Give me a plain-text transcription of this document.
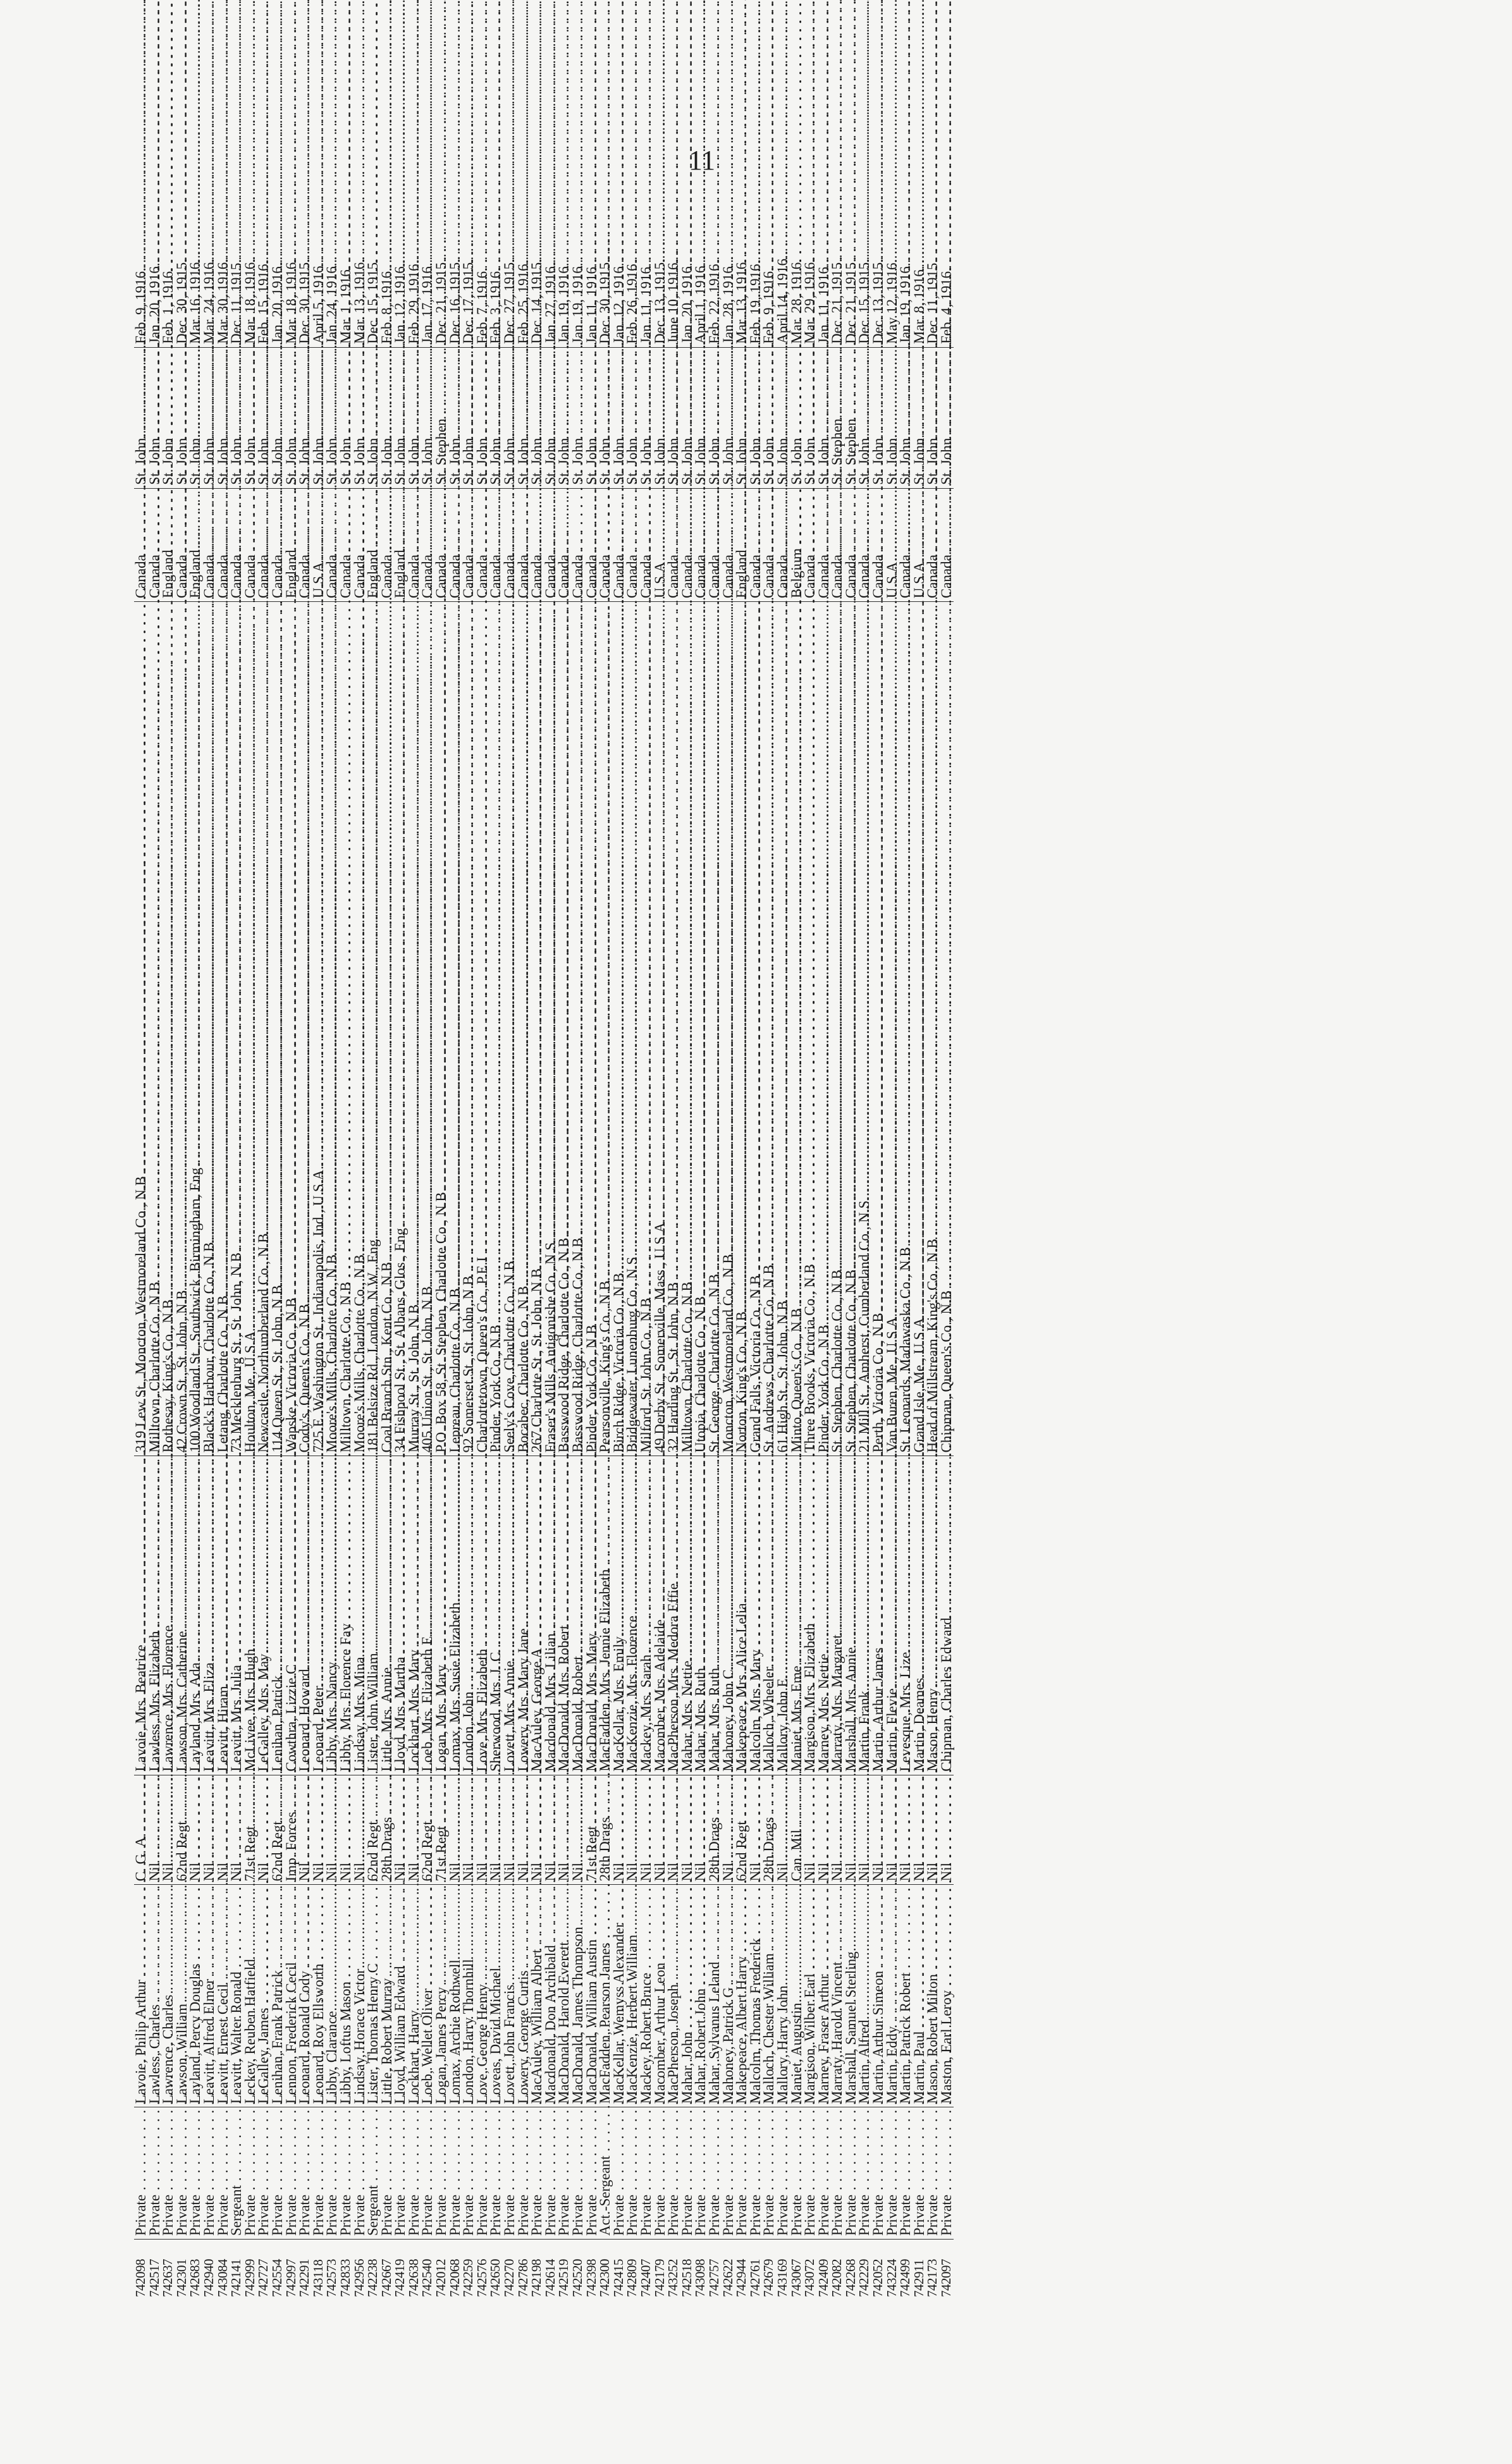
11
742098	Private . . .	Lavoie, Philip Arthur . . .	C. G. A. . . .	Lavoie, Mrs. Beatrice . . .	319 Lew St., Moncton, Westmoreland Co., N.B . . .	Canada . . .	St. John . . .	Feb. 9, 1916.
742517	Private . . .	Lawless, Charles . . .	Nil . . .	Lawless, Mrs. Elizabeth . . .	Milltown, Charlotte Co., N.B . . .	Canada . . .	St. John . . .	Jan. 20, 1916.
742637	Private . . .	Lawrence, Charles . . .	Nil . . .	Lawrence, Mrs. Florence . . .	Rothesay, King's Co., N.B . . .	England . . .	St. John . . .	Feb. 1, 1916.
742301	Private . . .	Lawson, William . . .	62nd Regt . . .	Lawson, Mrs. Catherine . . .	42 Crown St., St. John, N.B . . .	Canada . . .	St. John . . .	Dec. 30, 1915.
742683	Private . . .	Layland, Percy Douglas . . .	Nil . . .	Layland, Mrs. Ada . . .	100 Woodland St., Southwick, Birmingham, Eng . . .	England . . .	St. John . . .	Mar. 16, 1916.
742940	Private . . .	Leavitt, Alfred Elmer . . .	Nil . . .	Leavitt, Mrs. Eliza . . .	Black's Harbour, Charlotte Co., N.B . . .	Canada . . .	St. John . . .	Mar. 24, 1916.
743084	Private . . .	Leavitt, Ernest Cecil . . .	Nil . . .	Leavitt, Hiram . . .	Letang, Charlotte Co., N.B . . .	Canada . . .	St. John . . .	Mar. 30, 1916.
742141	Sergeant . . .	Leavitt, Walter Ronald . . .	Nil . . .	Leavitt, Mrs. Julia . . .	73 Mecklenburg St., St. John, N.B . . .	Canada . . .	St. John . . .	Dec. 11, 1915.
742999	Private . . .	Leckey, Reuben Hatfield . . .	71st Regt . . .	McLivee, Mrs. Hugh . . .	Houlton, Me., U.S.A . . .	Canada . . .	St. John . . .	Mar. 18, 1916.
742727	Private . . .	LeGalley, James . . .	Nil . . .	LeGalley, Mrs. May . . .	Newcastle, Northumberland Co., N.B . . .	Canada . . .	St. John . . .	Feb. 15, 1916.
742554	Private . . .	Lenihan, Frank Patrick . . .	62nd Regt . . .	Lenihan, Patrick . . .	114 Queen St., St. John, N.B . . .	Canada . . .	St. John . . .	Jan. 20, 1916.
742997	Private . . .	Lennon, Frederick Cecil . . .	Imp. Forces . . .	Cowthra, Lizzie C . . .	Wapske, Victoria Co., N.B . . .	England . . .	St. John . . .	Mar. 18, 1916.
742291	Private . . .	Leonard, Ronald Cody . . .	Nil . . .	Leonard, Howard . . .	Cody's, Queen's Co., N.B . . .	Canada . . .	St. John . . .	Dec. 30, 1915.
743118	Private . . .	Leonard, Roy Ellsworth . . .	Nil . . .	Leonard, Peter . . .	725 E. Washington St., Indianapolis, Ind., U.S.A . . .	U.S.A . . .	St. John . . .	April 5, 1916.
742573	Private . . .	Libby, Clarance . . .	Nil . . .	Libby, Mrs. Nancy . . .	Moore's Mills, Charlotte Co., N.B . . .	Canada . . .	St. John . . .	Jan. 24, 1916.
742833	Private . . .	Libby, Loftus Mason . . .	Nil . . .	Libby, Mrs. Florence Fay . . .	Milltown, Charlotte Co., N.B . . .	Canada . . .	St. John . . .	Mar. 1, 1916.
742956	Private . . .	Lindsay, Horace Victor . . .	Nil . . .	Lindsay, Mrs. Mina . . .	Moore's Mills, Charlotte Co., N.B . . .	Canada . . .	St. John . . .	Mar. 13, 1916.
742238	Sergeant . . .	Lister, Thomas Henry C . . .	62nd Regt . . .	Lister, John William . . .	181 Belsize Rd., London, N.W., Eng . . .	England . . .	St. John . . .	Dec. 15, 1915.
742667	Private . . .	Little, Robert Murray . . .	28th Drags . . .	Little, Mrs. Annie . . .	Coal Branch Stn., Kent Co., N.B . . .	Canada . . .	St. John . . .	Feb. 8, 1916.
742419	Private . . .	Lloyd, William Edward . . .	Nil . . .	Lloyd, Mrs. Martha . . .	34 Fishpool St., St. Albans, Glos., Eng . . .	England . . .	St. John . . .	Jan. 12, 1916.
742638	Private . . .	Lockhart, Harry . . .	Nil . . .	Lockhart, Mrs. Mary . . .	Murray St., St. John, N.B . . .	Canada . . .	St. John . . .	Feb. 29, 1916.
742540	Private . . .	Loeb, Wellet Oliver . . .	62nd Regt . . .	Loeb, Mrs. Elizabeth E . . .	405 Union St., St. John, N.B . . .	Canada . . .	St. John . . .	Jan. 17, 1916.
742012	Private . . .	Logan, James Percy . . .	71st Regt . . .	Logan, Mrs. Mary . . .	P.O. Box 58, St. Stephen, Charlotte Co., N.B . . .	Canada . . .	St. Stephen . . .	Dec. 21, 1915.
742068	Private . . .	Lomax, Archie Rothwell . . .	Nil . . .	Lomax, Mrs. Susie Elizabeth . . .	Lepreau, Charlotte Co., N.B . . .	Canada . . .	St. John . . .	Dec. 16, 1915.
742259	Private . . .	London, Harry Thornhill . . .	Nil . . .	London, John . . .	92 Somerset St., St. John, N.B . . .	Canada . . .	St. John . . .	Dec. 17, 1915.
742576	Private . . .	Love, George Henry . . .	Nil . . .	Love, Mrs. Elizabeth . . .	Charlottetown, Queen's Co., P.E.I . . .	Canada . . .	St. John . . .	Feb. 7, 1916.
742650	Private . . .	Loveas, David Michael . . .	Nil . . .	Sherwood, Mrs. J. C . . .	Pinder, York Co., N.B . . .	Canada . . .	St. John . . .	Feb. 3, 1916.
742270	Private . . .	Lovett, John Francis . . .	Nil . . .	Lovett, Mrs. Annie . . .	Seely's Cove, Charlotte Co., N.B . . .	Canada . . .	St. John . . .	Dec. 27, 1915.
742786	Private . . .	Lowery, George Curtis . . .	Nil . . .	Lowery, Mrs. Mary Jane . . .	Bocabec, Charlotte Co., N.B . . .	Canada . . .	St. John . . .	Feb. 25, 1916.
742198	Private . . .	MacAuley, William Albert . . .	Nil . . .	MacAuley, George A . . .	267 Charlotte St., St. John, N.B . . .	Canada . . .	St. John . . .	Dec. 14, 1915.
742614	Private . . .	Macdonald, Don Archibald . . .	Nil . . .	Macdonald, Mrs. Lilian . . .	Fraser's Mills, Antigonishe Co., N.S . . .	Canada . . .	St. John . . .	Jan. 27, 1916.
742519	Private . . .	MacDonald, Harold Everett . . .	Nil . . .	MacDonald, Mrs. Robert . . .	Basswood Ridge, Charlotte Co., N.B . . .	Canada . . .	St. John . . .	Jan. 19, 1916.
742520	Private . . .	MacDonald, James Thompson . . .	Nil . . .	MacDonald, Robert . . .	Basswood Ridge, Charlotte Co., N.B . . .	Canada . . .	St. John . . .	Jan. 19, 1916.
742398	Private . . .	MacDonald, William Austin . . .	71st Regt . . .	MacDonald, Mrs. Mary . . .	Pinder, York Co., N.B . . .	Canada . . .	St. John . . .	Jan. 11, 1916.
742300	Act.-Sergeant . . .	MacFadden, Pearson James . . .	28th Drags . . .	MacFadden, Mrs. Jennie Elizabeth . . .	Pearsonville, King's Co., N.B . . .	Canada . . .	St. John . . .	Dec. 30, 1915.
742415	Private . . .	MacKellar, Wemyss Alexander . . .	Nil . . .	MacKellar, Mrs. Emily . . .	Birch Ridge, Victoria Co., N.B . . .	Canada . . .	St. John . . .	Jan. 12, 1916.
742809	Private . . .	MacKenzie, Herbert William . . .	Nil . . .	MacKenzie, Mrs. Florence . . .	Bridgewater, Lunenburg Co., N.S . . .	Canada . . .	St. John . . .	Feb. 26, 1916.
742407	Private . . .	Mackey, Robert Bruce . . .	Nil . . .	Mackey, Mrs. Sarah . . .	Milford, St. John Co., N.B . . .	Canada . . .	St. John . . .	Jan. 11, 1916.
742179	Private . . .	Macomber, Arthur Leon . . .	Nil . . .	Macomber, Mrs. Adelaide . . .	49 Derby St., Somerville, Mass., U.S.A . . .	U.S.A . . .	St. John . . .	Dec. 13, 1915.
743252	Private . . .	MacPherson, Joseph . . .	Nil . . .	MacPherson, Mrs. Medora Effie . . .	32 Harding St., St. John, N.B . . .	Canada . . .	St. John . . .	June 10, 1916.
742518	Private . . .	Mahar, John . . .	Nil . . .	Mahar, Mrs. Nettie . . .	Milltown, Charlotte Co., N.B . . .	Canada . . .	St. John . . .	Jan. 20, 1916.
743098	Private . . .	Mahar, Robert John . . .	Nil . . .	Mahar, Mrs. Ruth . . .	Utopia, Charlotte Co., N.B . . .	Canada . . .	St. John . . .	April 1, 1916.
742757	Private . . .	Mahar, Sylvanus Leland . . .	28th Drags . . .	Mahar, Mrs. Ruth . . .	St. George, Charlotte Co., N.B . . .	Canada . . .	St. John . . .	Feb. 22, 1916.
742622	Private . . .	Mahoney, Patrick G . . .	Nil . . .	Mahoney, John C . . .	Moncton, Westmoreland Co., N.B . . .	Canada . . .	St. John . . .	Jan. 28, 1916.
742944	Private . . .	Makepeace, Albert Harry . . .	62nd Regt . . .	Makepeace, Mrs. Alice Lelia . . .	Norton, King's Co., N.B . . .	England . . .	St. John . . .	Mar. 13, 1916.
742761	Private . . .	Malcolm, Thomas Frederick . . .	Nil . . .	Malcolm, Mrs. Mary . . .	Grand Falls, Victoria Co., N.B . . .	Canada . . .	St. John . . .	Feb. 19, 1916.
742679	Private . . .	Malloch, Chester William . . .	28th Drags . . .	Malloch, Wheeler . . .	St. Andrews, Charlotte Co., N.B . . .	Canada . . .	St. John . . .	Feb. 9, 1916.
743169	Private . . .	Mallory, Harry John . . .	Nil . . .	Mallory, John E . . .	61 High St., St. John, N.B . . .	Canada . . .	St. John . . .	April 14, 1916.
743067	Private . . .	Maniet, Augustin . . .	Can. Mil . . .	Maniet, Mrs. Eme . . .	Minto, Queen's Co., N.B . . .	Belgium . . .	St. John . . .	Mar. 28, 1916.
743072	Private . . .	Margison, Wilber Earl . . .	Nil . . .	Margison, Mrs. Elizabeth . . .	Three Brooks, Victoria Co., N.B . . .	Canada . . .	St. John . . .	Mar. 29, 1916.
742409	Private . . .	Marney, Fraser Arthur . . .	Nil . . .	Marney, Mrs. Nettie . . .	Pinder, York Co., N.B . . .	Canada . . .	St. John . . .	Jan. 11, 1916.
742082	Private . . .	Marraty, Harold Vincent . . .	Nil . . .	Marraty, Mrs. Margaret . . .	St. Stephen, Charlotte Co., N.B . . .	Canada . . .	St. Stephen . . .	Dec. 21, 1915.
742268	Private . . .	Marshall, Samuel Sterling . . .	Nil . . .	Marshall, Mrs. Annie . . .	St. Stephen, Charlotte Co., N.B . . .	Canada . . .	St. Stephen . . .	Dec. 21, 1915.
742229	Private . . .	Martin, Alfred . . .	Nil . . .	Martin, Frank . . .	21 Mill St., Amherst, Cumberland Co., N.S . . .	Canada . . .	St. John . . .	Dec. 15, 1915.
742052	Private . . .	Martin, Arthur Simeon . . .	Nil . . .	Martin, Arthur James . . .	Perth, Victoria Co., N.B . . .	Canada . . .	St. John . . .	Dec. 13, 1915.
743224	Private . . .	Martin, Eddy . . .	Nil . . .	Martin, Flevie . . .	Van Buren, Me., U.S.A . . .	U.S.A . . .	St. John . . .	May 12, 1916.
742499	Private . . .	Martin, Patrick Robert . . .	Nil . . .	Levesque, Mrs. Lize . . .	St. Leonards, Madawaska Co., N.B . . .	Canada . . .	St. John . . .	Jan. 19, 1916.
742911	Private . . .	Martin, Paul . . .	Nil . . .	Martin, Deames . . .	Grand Isle, Me., U.S.A . . .	U.S.A . . .	St. John . . .	Mar. 8, 1916.
742173	Private . . .	Mason, Robert Milton . . .	Nil . . .	Mason, Henry . . .	Head of Millstream, King's Co., N.B . . .	Canada . . .	St. John . . .	Dec. 11, 1915.
742097	Private . . .	Maston, Earl Leroy . . .	Nil . . .	Chipman, Charles Edward . . .	Chipman, Queen's Co., N.B . . .	Canada . . .	St. John . . .	Feb. 4, 1916.
